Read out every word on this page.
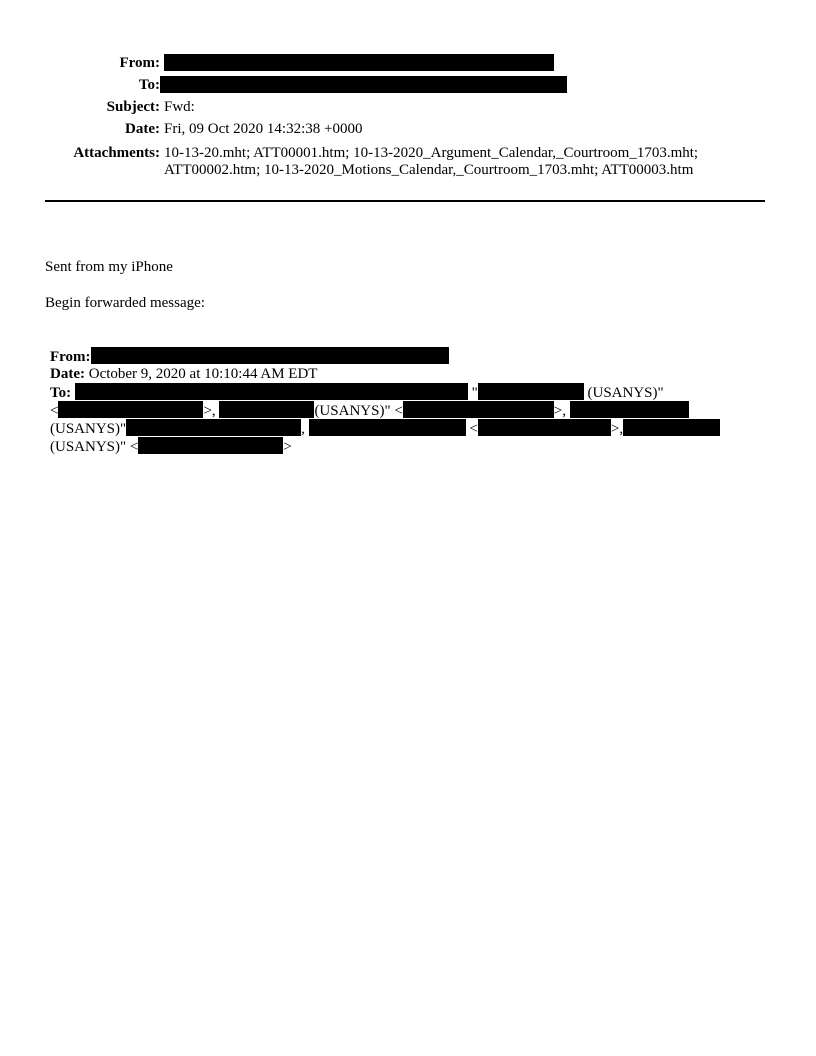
From:
To:
Subject: Fwd:
Date: Fri, 09 Oct 2020 14:32:38 +0000
Attachments: 10-13-20.mht; ATT00001.htm; 10-13-2020_Argument_Calendar,_Courtroom_1703.mht;
ATT00002.htm; 10-13-2020_Motions_Calendar,_Courtroom_1703.mht; ATT00003.htm
Sent from my iPhone
Begin forwarded message:
From:
Date: October 9, 2020 at 10:10:44 AM EDT
To:	"	(USANYS)"
<	>,	(USANYS)" <	>,
(USANYS)"	,	<	>,
(USANYS)" <	>
